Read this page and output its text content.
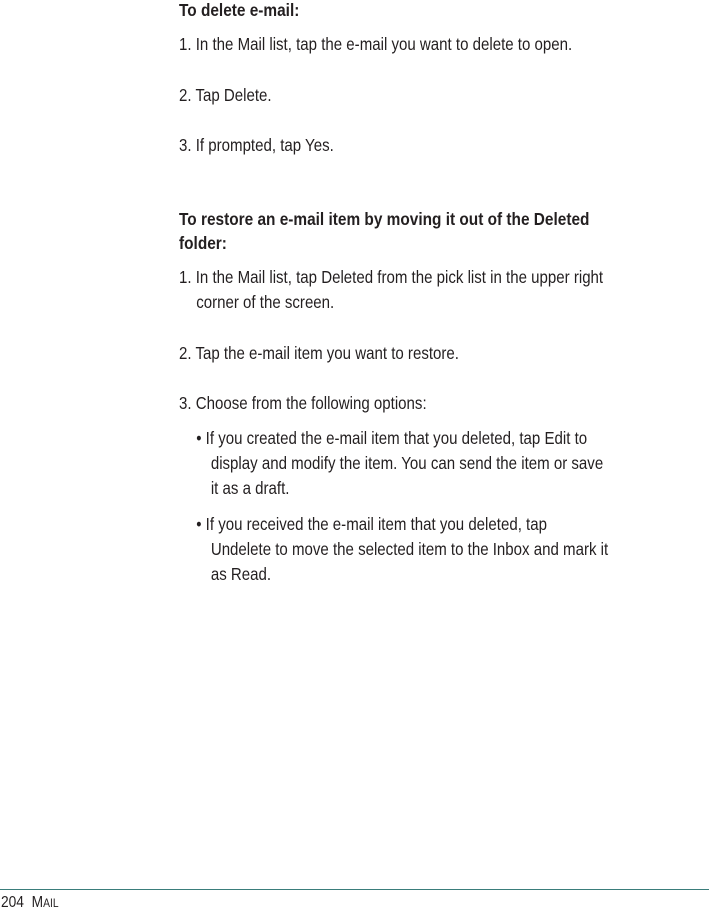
To delete e-mail:

1. In the Mail list, tap the e-mail you want to delete to open.

2. Tap Delete.

3. If prompted, tap Yes.

To restore an e-mail item by moving it out of the Deleted

folder:

1. In the Mail list, tap Deleted from the pick list in the upper right

corner of the screen.

2. Tap the e-mail item you want to restore.

3. Choose from the following options:

• If you created the e-mail item that you deleted, tap Edit to

display and modify the item. You can send the item or save

it as a draft.

• If you received the e-mail item that you deleted, tap

Undelete to move the selected item to the Inbox and mark it

as Read.

204 MAIL
